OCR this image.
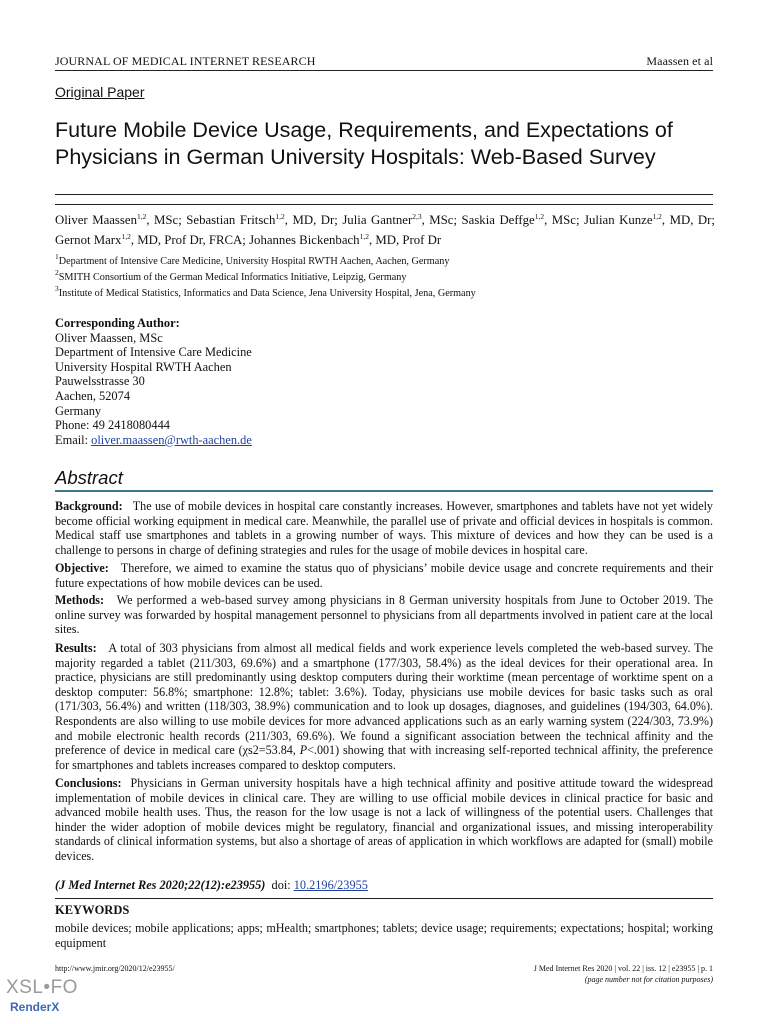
JOURNAL OF MEDICAL INTERNET RESEARCH	Maassen et al
Original Paper
Future Mobile Device Usage, Requirements, and Expectations of Physicians in German University Hospitals: Web-Based Survey
Oliver Maassen$^{1,2}$, MSc; Sebastian Fritsch$^{1,2}$, MD, Dr; Julia Gantner$^{2,3}$, MSc; Saskia Deffge$^{1,2}$, MSc; Julian Kunze$^{1,2}$, MD, Dr; Gernot Marx$^{1,2}$, MD, Prof Dr, FRCA; Johannes Bickenbach$^{1,2}$, MD, Prof Dr
$^1$Department of Intensive Care Medicine, University Hospital RWTH Aachen, Aachen, Germany
$^2$SMITH Consortium of the German Medical Informatics Initiative, Leipzig, Germany
$^3$Institute of Medical Statistics, Informatics and Data Science, Jena University Hospital, Jena, Germany
Corresponding Author:
Oliver Maassen, MSc
Department of Intensive Care Medicine
University Hospital RWTH Aachen
Pauwelsstrasse 30
Aachen, 52074
Germany
Phone: 49 2418080444
Email: oliver.maassen@rwth-aachen.de
Abstract
Background: The use of mobile devices in hospital care constantly increases. However, smartphones and tablets have not yet widely become official working equipment in medical care. Meanwhile, the parallel use of private and official devices in hospitals is common. Medical staff use smartphones and tablets in a growing number of ways. This mixture of devices and how they can be used is a challenge to persons in charge of defining strategies and rules for the usage of mobile devices in hospital care.
Objective: Therefore, we aimed to examine the status quo of physicians’ mobile device usage and concrete requirements and their future expectations of how mobile devices can be used.
Methods: We performed a web-based survey among physicians in 8 German university hospitals from June to October 2019. The online survey was forwarded by hospital management personnel to physicians from all departments involved in patient care at the local sites.
Results: A total of 303 physicians from almost all medical fields and work experience levels completed the web-based survey. The majority regarded a tablet (211/303, 69.6%) and a smartphone (177/303, 58.4%) as the ideal devices for their operational area. In practice, physicians are still predominantly using desktop computers during their worktime (mean percentage of worktime spent on a desktop computer: 56.8%; smartphone: 12.8%; tablet: 3.6%). Today, physicians use mobile devices for basic tasks such as oral (171/303, 56.4%) and written (118/303, 38.9%) communication and to look up dosages, diagnoses, and guidelines (194/303, 64.0%). Respondents are also willing to use mobile devices for more advanced applications such as an early warning system (224/303, 73.9%) and mobile electronic health records (211/303, 69.6%). We found a significant association between the technical affinity and the preference of device in medical care (χs2=53.84, P<.001) showing that with increasing self-reported technical affinity, the preference for smartphones and tablets increases compared to desktop computers.
Conclusions: Physicians in German university hospitals have a high technical affinity and positive attitude toward the widespread implementation of mobile devices in clinical care. They are willing to use official mobile devices in clinical practice for basic and advanced mobile health uses. Thus, the reason for the low usage is not a lack of willingness of the potential users. Challenges that hinder the wider adoption of mobile devices might be regulatory, financial and organizational issues, and missing interoperability standards of clinical information systems, but also a shortage of areas of application in which workflows are adapted for (small) mobile devices.
(J Med Internet Res 2020;22(12):e23955) doi: 10.2196/23955
KEYWORDS
mobile devices; mobile applications; apps; mHealth; smartphones; tablets; device usage; requirements; expectations; hospital; working equipment
http://www.jmir.org/2020/12/e23955/	J Med Internet Res 2020 | vol. 22 | iss. 12 | e23955 | p. 1
(page number not for citation purposes)
XSL•FO
RenderX
